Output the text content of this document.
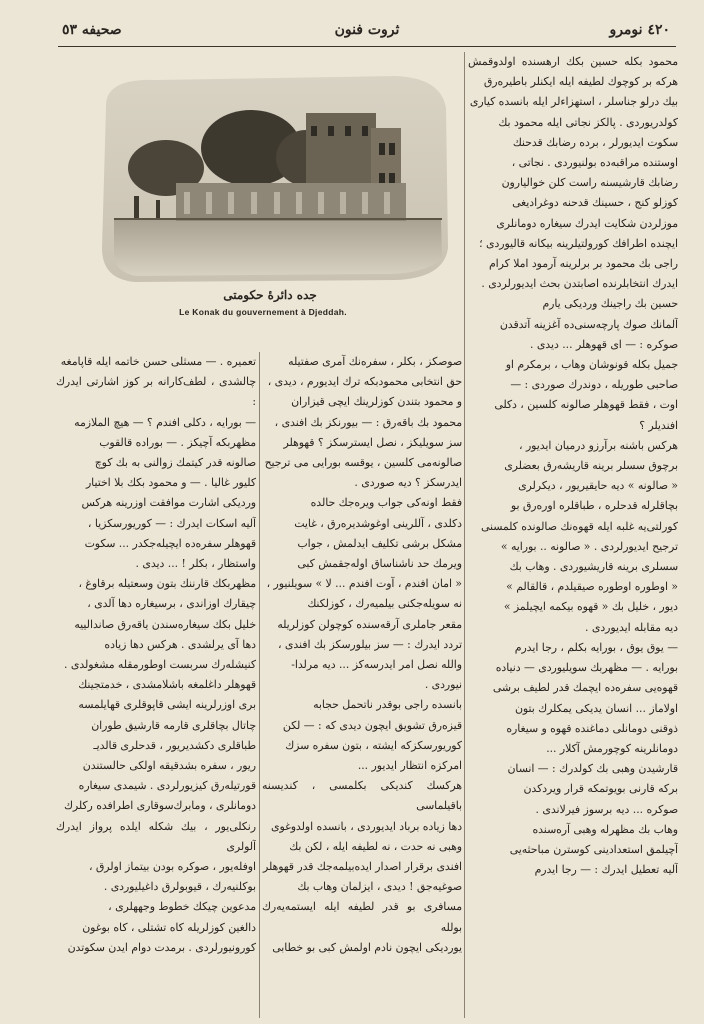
صحيفه ٥٣	ثروت فنون	٤٢٠ نومرو
جده دائرهٔ حكومتى
Le Konak du gouvernement à Djeddah.

محمود بكله حسين بكك ارهسنده اولدوقمش هركه بر كوچوك لطيفه ايله ايكنلر باطيره‌رق

بيك درلو جناسلر ، استهزاءلر ايله بانسده كيارى

كولدريوردى . پالكز نجاتى ايله محمود بك

سكوت ايديورلر ، برده رضابك قدحنك

اوستنده مراقبه‌ده بولنيوردى . نجاتى ،

رضابك قارشيسنه راست كلن خواليارون

كوزلو كنج ، حسينك قدحنه دوغراديغى

موزلردن شكايت ايدرك سيغاره دومانلرى

ايچنده اطرافك كورولتيلرينه بيكانه قاليوردى ؛

راجى بك محمود بر برلرينه آرمود املا كرام

ايدرك انتخابلرنده اصابتدن بحث ايديورلردى .

حسين بك راجينك ورديكى يارم

آلمانك صوك پارچه‌سنى‌ده آغزينه آتدقدن

صوكره : — اى قهوهلر ... ديدى .

جميل بكله قونوشان وهاب ، برمكرم او

صاحبى طوريله ، دوندرك صوردى : —

اوت ، فقط قهوهلر صالونه كلسين ، دكلى

افنديلر ؟

هركس باشنه برآرزو درميان ايديور ،

برچوق سسلر برينه قاريشه‌رق بعضلرى

« صالونه » ديه حايقيريور ، ديكرلرى

بچاقلرله قدحلره ، طباقلره اوره‌رق بو

كورلتى‌يه غلبه ايله قهوه‌نك صالونده كلمسنى

ترجيح ايديورلردى . « صالونه .. بورايه »

سسلرى برينه قاريشيوردى . وهاب بك

« اوطوره اوطوره صيقيلدم ، قالقالم »

ديور ، خليل بك « قهوه بيكمه ايچيلمز »

ديه مقابله ايديوردى .

— يوق يوق ، بورايه بكلم ، رجا ايدرم

بورايه . — مظهربك سويليوردى — دنياده

قهوه‌يى سفره‌ده ايچمك قدر لطيف برشى

اولاماز ... انسان يديكى يمكلرك بتون

ذوقنى دومانلى دماغنده قهوه و سيغاره

دومانلرينه كوچورمش آكلار ...

قارشيدن وهبى بك كولدرك : — انسان

بركه قارنى بويوتمكه قرار ويردكدن

صوكره ... ديه برسوز فيرلاندى .

وهاب بك مظهرله وهبى آره‌سنده

آچيلمق استعدادينى كوسترن مباحثه‌يى

آليه تعطيل ايدرك : — رجا ايدرم

صوصكز ، بكلر ، سفره‌نك آمرى صفتيله

حق انتخابى محمودبكه ترك ايديورم ، ديدى ،

و محمود بتندن كوزلرينك ايچى قيزاران

محمود بك باقه‌رق : — بيورنكز بك افندى ،

سز سويليكز ، نصل ايسترسكز ؟ قهوهلر

صالونه‌مى كلسين ، يوقسه بورايى مى ترجيح

ايدرسكز ؟ ديه صوردى .

فقط اونه‌كى جواب ويره‌جك حالده

دكلدى ، آللرينى اوغوشديره‌رق ، غايت

مشكل برشى تكليف ايدلمش ، جواب

ويرمك حد ناشناساق اوله‌جقمش كبى

« امان افندم ، آوت افندم ... لا » سويلنيور ،

نه سويله‌جكنى بيلميه‌رك ، كوزلكنك

مقعر جاملرى آرقه‌سنده كوچولن كوزلريله

تردد ايدرك : — سز بيلورسكز بك افندى ،

والله نصل امر ايدرسه‌كز ... ديه مرلدا‌-

نيوردى .

بانسده راجى بوقدر ناتحمل حجابه

قيزه‌رق تشويق ايچون ديدى كه : — لكن

كوريورسكزكه ايشته ، بتون سفره سزك

امركزه انتظار ايديور ...

هركسك كنديكى بكلمسى ، كنديسنه باقيلماسى

دها زياده برباد ايديوردى ، بانسده اولدوغوى

وهبى نه حدت ، نه لطيفه ايله ، لكن بك

افندى برقرار اصدار ايده‌بيلمه‌جك قدر قهوهلر

صوغيه‌جق ! ديدى ، ايزلمان وهاب بك

مسافرى بو قدر لطيفه ايله ايستمه‌يه‌رك بولله

يورديكى ايچون نادم اولمش كبى بو خطابى

تعميره . — مسثلى حسن خاتمه ايله قاپامغه

چالشدى ، لطف‌كارانه بر كوز اشارتى ايدرك :

— بورايه ، دكلى افندم ؟ — هيچ الملازمه

مظهربكه آچيكز . — بوراده قالقوب

صالونه قدر كيتمك زوالنى به بك كوچ

كليور غاليا . — و محمود بكك بلا اختيار

ورديكى اشارت موافقت اوزرينه هركس

آليه اسكات ايدرك : — كوريورسكزيا ،

قهوهلر سفره‌ده ايچيله‌جكدر ... سكوت

واستظار ، بكلر ! ... ديدى .

مظهربكك قارننك بتون وسعتيله برقاوغ ،

چيقارك اوزاندى ، برسيغاره دها آلدى ،

خليل بكك سيغاره‌سندن ياقه‌رق صاندالييه

دها آى يرلشدى . هركس دها زياده

كنيشله‌رك سربست اوطورمقله مشغولدى .

قهوهلر داغلمغه باشلامشدى ، خدمتجينك

برى اوزرلرينه ايشى قاپوقلرى قهايلمسه

چاتال بچاقلرى قارمه قارشيق طوران

طباقلرى دكشديريور ، قدحلرى قالديـ

ريور ، سفره بشدقيقه اولكى حالستندن

قورتيله‌رق كيزيورلردى . شيمدى سيغاره

دومانلرى ، ومابرك‌سوقارى اطرافده ركلرك

رنكلى‌يور ، بيك شكله ايلده پرواز ايدرك آلولرى

اوفله‌يور ، صوكره بودن بيتماز اولرق ،

بوكلنيه‌رك ، قيوبولرق داغيليوردى .

مدعوين چيكك خطوط وجههلرى ،

دالغين كوزلريله كاه تشتلى ، كاه بوغون

كورونيورلردى . برمدت دوام ايدن سكوتدن
